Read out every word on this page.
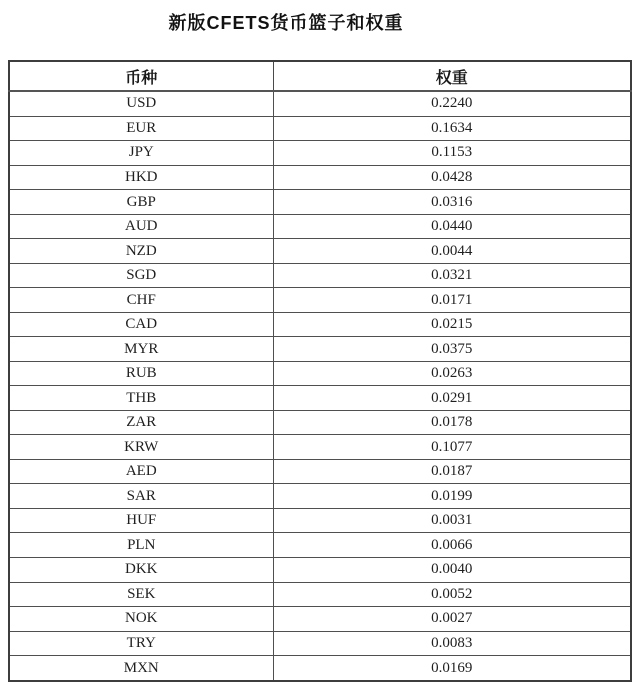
新版CFETS货币篮子和权重
币种	权重
USD	0.2240
EUR	0.1634
JPY	0.1153
HKD	0.0428
GBP	0.0316
AUD	0.0440
NZD	0.0044
SGD	0.0321
CHF	0.0171
CAD	0.0215
MYR	0.0375
RUB	0.0263
THB	0.0291
ZAR	0.0178
KRW	0.1077
AED	0.0187
SAR	0.0199
HUF	0.0031
PLN	0.0066
DKK	0.0040
SEK	0.0052
NOK	0.0027
TRY	0.0083
MXN	0.0169
